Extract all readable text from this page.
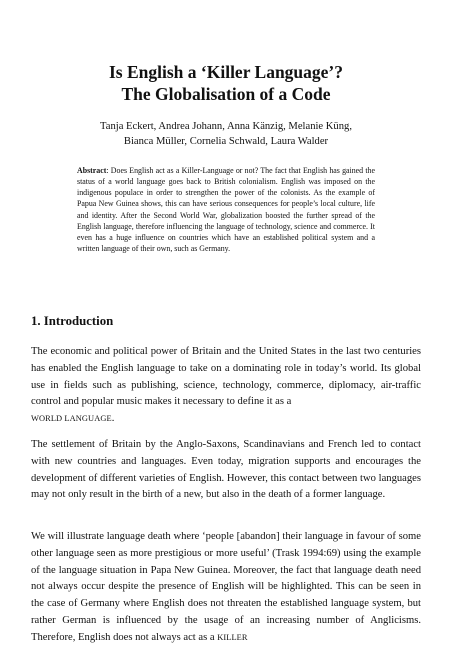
Is English a ‘Killer Language’?
The Globalisation of a Code

Tanja Eckert, Andrea Johann, Anna Känzig, Melanie Küng,

Bianca Müller, Cornelia Schwald, Laura Walder

Abstract: Does English act as a Killer-Language or not? The fact that English has gained the status of a world language goes back to British colonialism. English was imposed on the indigenous populace in order to strengthen the power of the colonists. As the example of Papua New Guinea shows, this can have serious consequences for people’s local culture, life and identity. After the Second World War, globalization boosted the further spread of the English language, therefore influencing the language of technology, science and commerce. It even has a huge influence on countries which have an established political system and a written language of their own, such as Germany.

1. Introduction

The economic and political power of Britain and the United States in the last two centuries has enabled the English language to take on a dominating role in today’s world. Its global use in fields such as publishing, science, technology, commerce, diplomacy, air-traffic control and popular music makes it necessary to define it as a
WORLD LANGUAGE.

The settlement of Britain by the Anglo-Saxons, Scandinavians and French led to contact with new countries and languages. Even today, migration supports and encourages the development of different varieties of English. However, this contact between two languages may not only result in the birth of a new, but also in the death of a former language.

We will illustrate language death where ‘people [abandon] their language in favour of some other language seen as more prestigious or more useful’ (Trask 1994:69) using the example of the language situation in Papa New Guinea. Moreover, the fact that language death need not always occur despite the presence of English will be highlighted. This can be seen in the case of Germany where English does not threaten the established language system, but rather German is influenced by the usage of an increasing number of Anglicisms. Therefore, English does not always act as a KILLER
